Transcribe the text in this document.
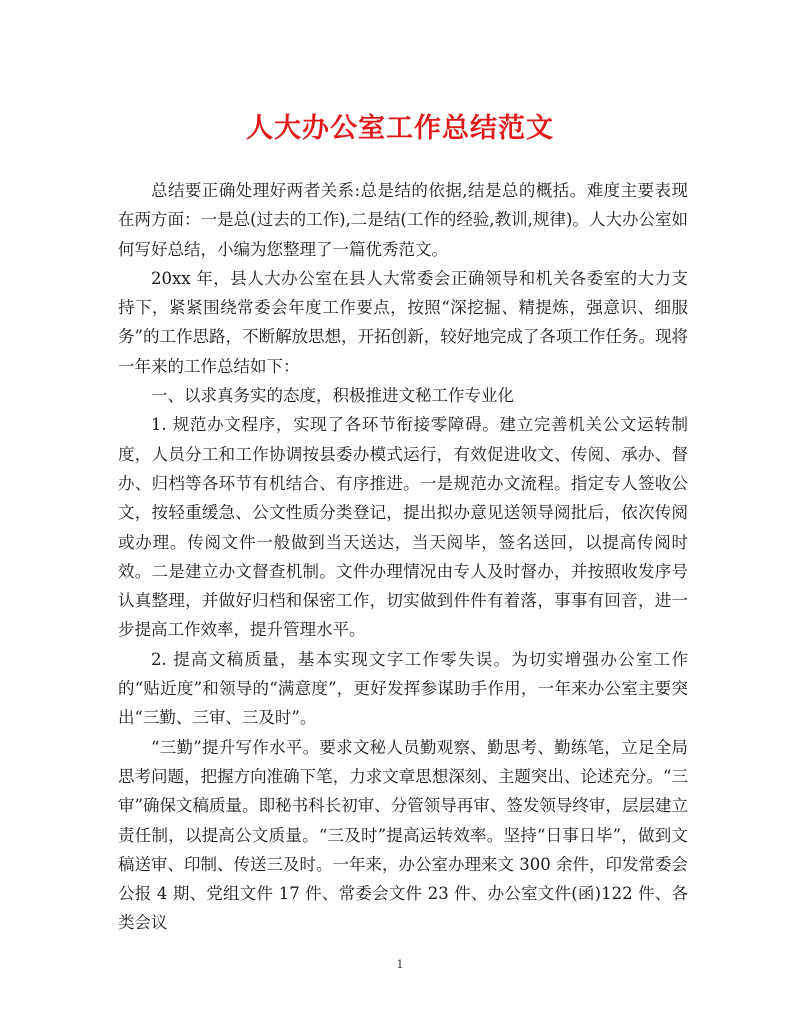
人大办公室工作总结范文

总结要正确处理好两者关系:总是结的依据,结是总的概括。难度主要表现在两方面：一是总(过去的工作),二是结(工作的经验,教训,规律)。人大办公室如何写好总结，小编为您整理了一篇优秀范文。

20xx 年，县人大办公室在县人大常委会正确领导和机关各委室的大力支持下，紧紧围绕常委会年度工作要点，按照“深挖掘、精提炼，强意识、细服务”的工作思路，不断解放思想，开拓创新，较好地完成了各项工作任务。现将一年来的工作总结如下：

一、以求真务实的态度，积极推进文秘工作专业化

1. 规范办文程序，实现了各环节衔接零障碍。建立完善机关公文运转制度，人员分工和工作协调按县委办模式运行，有效促进收文、传阅、承办、督办、归档等各环节有机结合、有序推进。一是规范办文流程。指定专人签收公文，按轻重缓急、公文性质分类登记，提出拟办意见送领导阅批后，依次传阅或办理。传阅文件一般做到当天送达，当天阅毕，签名送回，以提高传阅时效。二是建立办文督查机制。文件办理情况由专人及时督办，并按照收发序号认真整理，并做好归档和保密工作，切实做到件件有着落，事事有回音，进一步提高工作效率，提升管理水平。

2. 提高文稿质量，基本实现文字工作零失误。为切实增强办公室工作的“贴近度”和领导的“满意度”，更好发挥参谋助手作用，一年来办公室主要突出“三勤、三审、三及时”。

“三勤”提升写作水平。要求文秘人员勤观察、勤思考、勤练笔，立足全局思考问题，把握方向准确下笔，力求文章思想深刻、主题突出、论述充分。“三审”确保文稿质量。即秘书科长初审、分管领导再审、签发领导终审，层层建立责任制，以提高公文质量。“三及时”提高运转效率。坚持“日事日毕”，做到文稿送审、印制、传送三及时。一年来，办公室办理来文 300 余件，印发常委会公报 4 期、党组文件 17 件、常委会文件 23 件、办公室文件(函)122 件、各类会议

1
